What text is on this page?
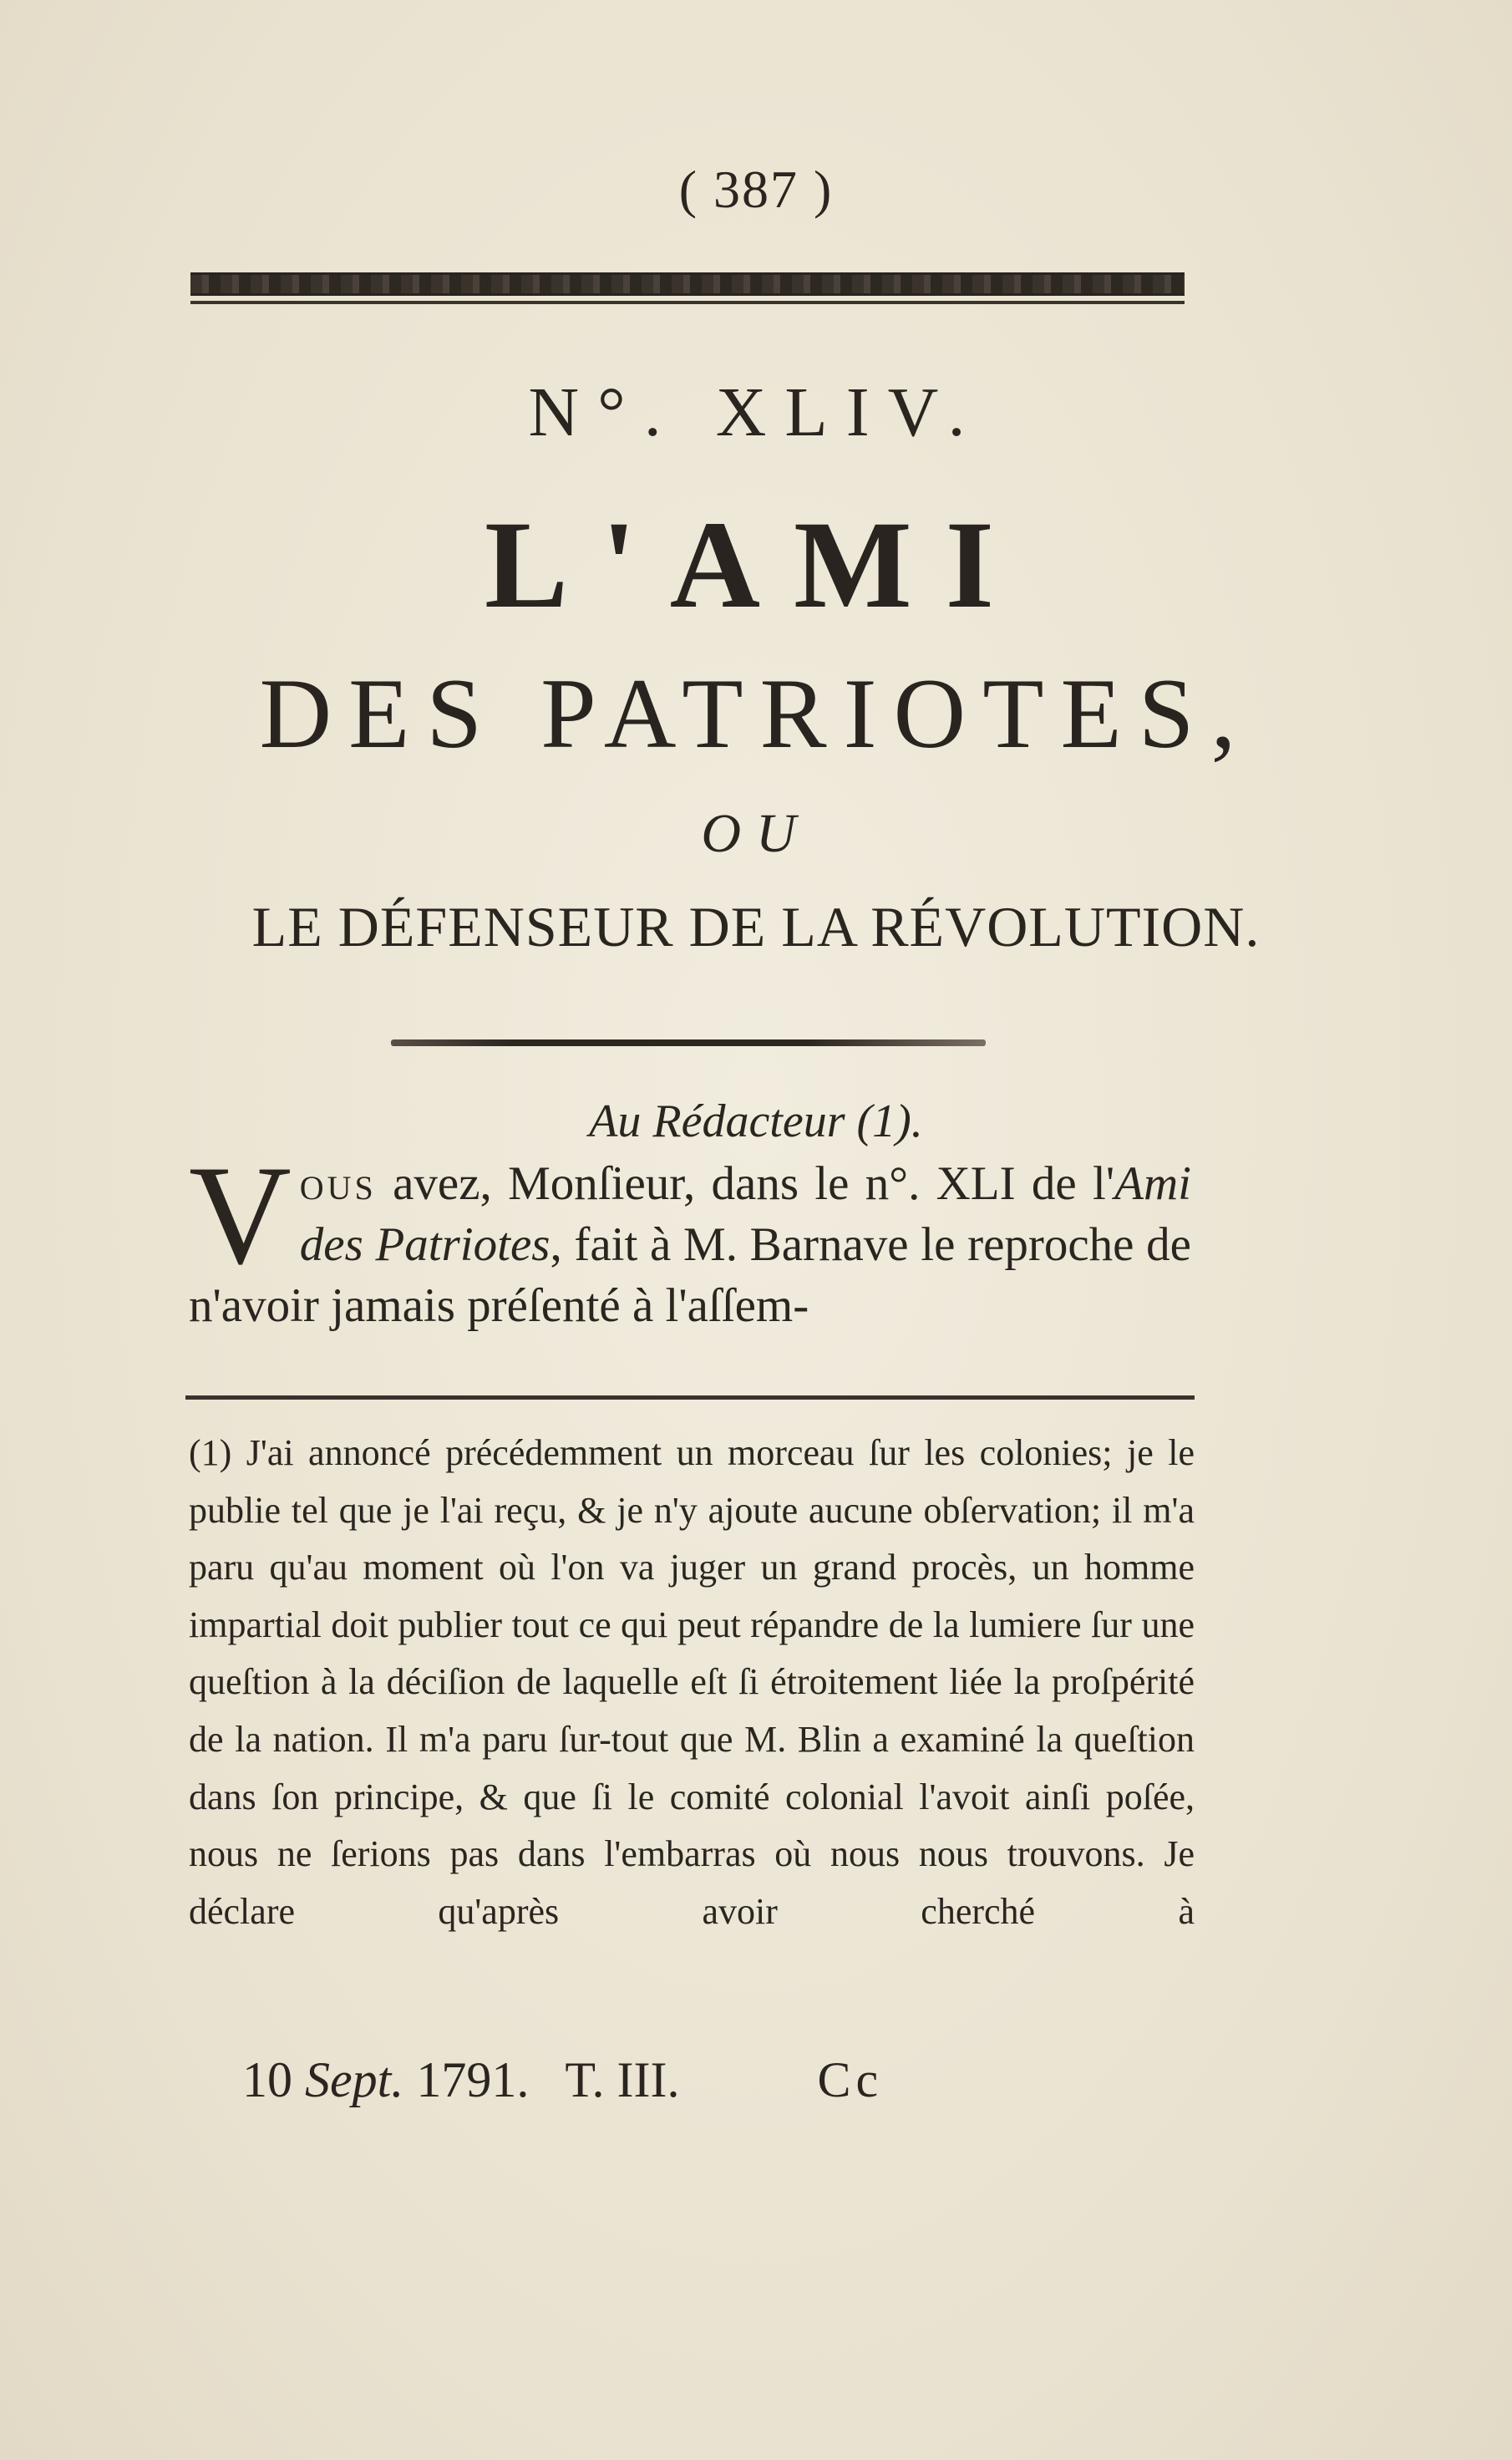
( 387 )
N°. XLIV.
L'AMI
DES PATRIOTES,
OU
LE DÉFENSEUR DE LA RÉVOLUTION.
Au Rédacteur (1).
V ous avez, Monſieur, dans le n°. XLI de l'Ami des Patriotes, fait à M. Barnave le reproche de n'avoir jamais préſenté à l'aſſem-
(1) J'ai annoncé précédemment un morceau ſur les colonies; je le publie tel que je l'ai reçu, & je n'y ajoute aucune obſervation; il m'a paru qu'au moment où l'on va juger un grand procès, un homme impartial doit publier tout ce qui peut répandre de la lumiere ſur une queſtion à la déciſion de laquelle eſt ſi étroitement liée la proſpérité de la nation. Il m'a paru ſur-tout que M. Blin a examiné la queſtion dans ſon principe, & que ſi le comité colonial l'avoit ainſi poſée, nous ne ſerions pas dans l'embarras où nous nous trouvons. Je déclare qu'après avoir cherché à
10 Sept. 1791. T. III.	Cc
